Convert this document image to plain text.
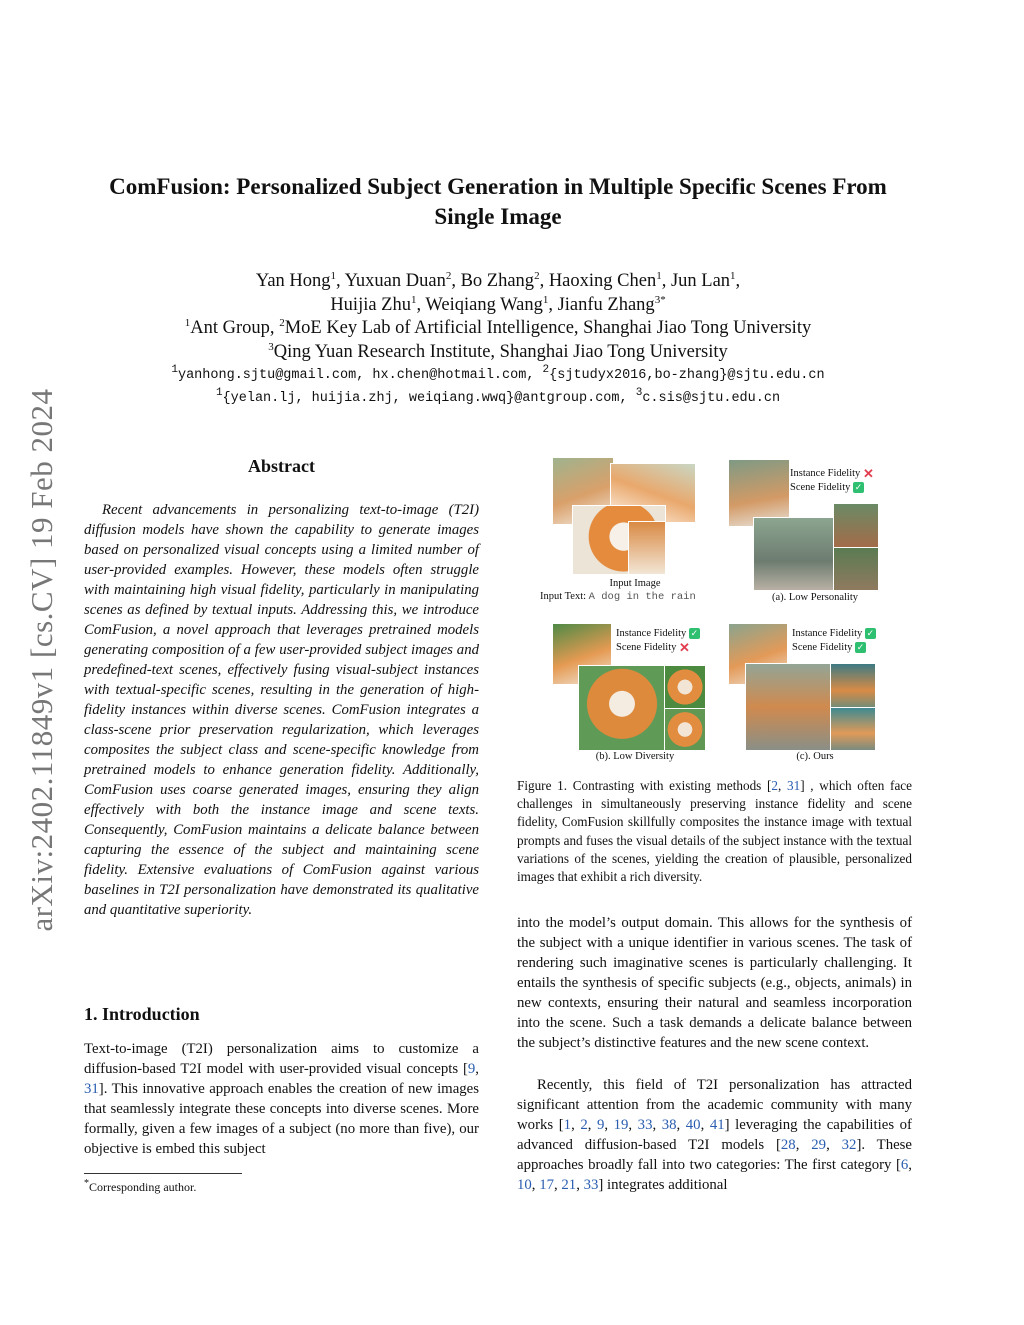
arXiv:2402.11849v1 [cs.CV] 19 Feb 2024
ComFusion: Personalized Subject Generation in Multiple Specific Scenes From
Single Image
Yan Hong$^1$, Yuxuan Duan$^2$, Bo Zhang$^2$, Haoxing Chen$^1$, Jun Lan$^1$,
Huijia Zhu$^1$, Weiqiang Wang$^1$, Jianfu Zhang$^{3*}$
$^1$Ant Group, $^2$MoE Key Lab of Artificial Intelligence, Shanghai Jiao Tong University
$^3$Qing Yuan Research Institute, Shanghai Jiao Tong University
$^1$yanhong.sjtu@gmail.com, hx.chen@hotmail.com, $^2${sjtudyx2016,bo-zhang}@sjtu.edu.cn
$^1${yelan.lj, huijia.zhj, weiqiang.wwq}@antgroup.com, $^3$c.sis@sjtu.edu.cn
Abstract
Recent advancements in personalizing text-to-image (T2I) diffusion models have shown the capability to generate images based on personalized visual concepts using a limited number of user-provided examples. However, these models often struggle with maintaining high visual fidelity, particularly in manipulating scenes as defined by textual inputs. Addressing this, we introduce ComFusion, a novel approach that leverages pretrained models generating composition of a few user-provided subject images and predefined-text scenes, effectively fusing visual-subject instances with textual-specific scenes, resulting in the generation of high-fidelity instances within diverse scenes. ComFusion integrates a class-scene prior preservation regularization, which leverages composites the subject class and scene-specific knowledge from pretrained models to enhance generation fidelity. Additionally, ComFusion uses coarse generated images, ensuring they align effectively with both the instance image and scene texts. Consequently, ComFusion maintains a delicate balance between capturing the essence of the subject and maintaining scene fidelity. Extensive evaluations of ComFusion against various baselines in T2I personalization have demonstrated its qualitative and quantitative superiority.
1. Introduction
Text-to-image (T2I) personalization aims to customize a diffusion-based T2I model with user-provided visual concepts [9, 31]. This innovative approach enables the creation of new images that seamlessly integrate these concepts into diverse scenes. More formally, given a few images of a subject (no more than five), our objective is embed this subject
*Corresponding author.
Input Image
Input Text: A dog in the rain
Instance Fidelity ✕
Scene Fidelity ✓
(a). Low Personality
Instance Fidelity ✓
Scene Fidelity ✕
(b). Low Diversity
Instance Fidelity ✓
Scene Fidelity ✓
(c). Ours
Figure 1. Contrasting with existing methods [2, 31] , which often face challenges in simultaneously preserving instance fidelity and scene fidelity, ComFusion skillfully composites the instance image with textual prompts and fuses the visual details of the subject instance with the textual variations of the scenes, yielding the creation of plausible, personalized images that exhibit a rich diversity.
into the model’s output domain. This allows for the synthesis of the subject with a unique identifier in various scenes. The task of rendering such imaginative scenes is particularly challenging. It entails the synthesis of specific subjects (e.g., objects, animals) in new contexts, ensuring their natural and seamless incorporation into the scene. Such a task demands a delicate balance between the subject’s distinctive features and the new scene context.
Recently, this field of T2I personalization has attracted significant attention from the academic community with many works [1, 2, 9, 19, 33, 38, 40, 41] leveraging the capabilities of advanced diffusion-based T2I models [28, 29, 32]. These approaches broadly fall into two categories: The first category [6, 10, 17, 21, 33] integrates additional
